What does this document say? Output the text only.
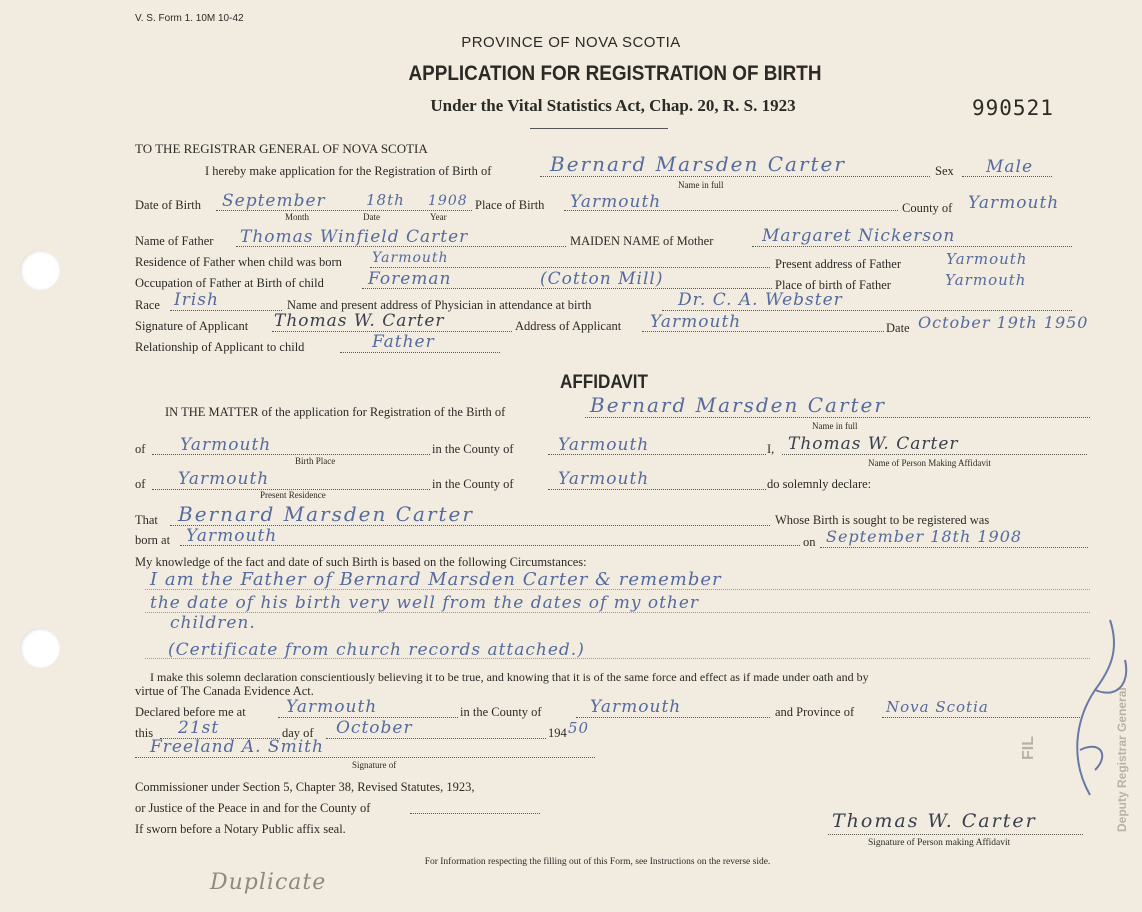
V. S. Form 1. 10M 10-42
PROVINCE OF NOVA SCOTIA
APPLICATION FOR REGISTRATION OF BIRTH
Under the Vital Statistics Act, Chap. 20, R. S. 1923	990521
TO THE REGISTRAR GENERAL OF NOVA SCOTIA
I hereby make application for the Registration of Birth of	Bernard Marsden Carter	Sex Male
Name in full
Date of Birth September	18th 1908
Month	Date	Year
Place of Birth Yarmouth	County of Yarmouth
Name of Father Thomas Winfield Carter	MAIDEN NAME of Mother	Margaret Nickerson
Residence of Father when child was born Yarmouth	Present address of Father	Yarmouth
Occupation of Father at Birth of child	Foreman	(Cotton Mill)	Place of birth of Father	Yarmouth
Race Irish	Name and present address of Physician in attendance at birth	Dr. C. A. Webster
Signature of Applicant Thomas W. Carter	Address of Applicant Yarmouth	Date October 19th 1950
Relationship of Applicant to child	Father
AFFIDAVIT
IN THE MATTER of the application for Registration of the Birth of	Bernard Marsden Carter
Name in full
of Yarmouth	in the County of	Yarmouth	I, Thomas W. Carter
Birth Place	Name of Person Making Affidavit
of Yarmouth	in the County of	Yarmouth	do solemnly declare:
Present Residence
That Bernard Marsden Carter	Whose Birth is sought to be registered was
born at Yarmouth	on September 18th 1908
My knowledge of the fact and date of such Birth is based on the following Circumstances:
I am the Father of Bernard Marsden Carter & remember
the date of his birth very well from the dates of my other
children.
(Certificate from church records attached.)
I make this solemn declaration conscientiously believing it to be true, and knowing that it is of the same force and effect as if made under oath and by
virtue of The Canada Evidence Act.
Declared before me at Yarmouth	in the County of	Yarmouth	and Province of Nova Scotia
this 21st	day of October	194 50
Freeland A. Smith
Signature of
Commissioner under Section 5, Chapter 38, Revised Statutes, 1923,
or Justice of the Peace in and for the County of
If sworn before a Notary Public affix seal.	Thomas W. Carter
Signature of Person making Affidavit
For Information respecting the filling out of this Form, see Instructions on the reverse side.
Duplicate
FIL	Deputy Registrar General
